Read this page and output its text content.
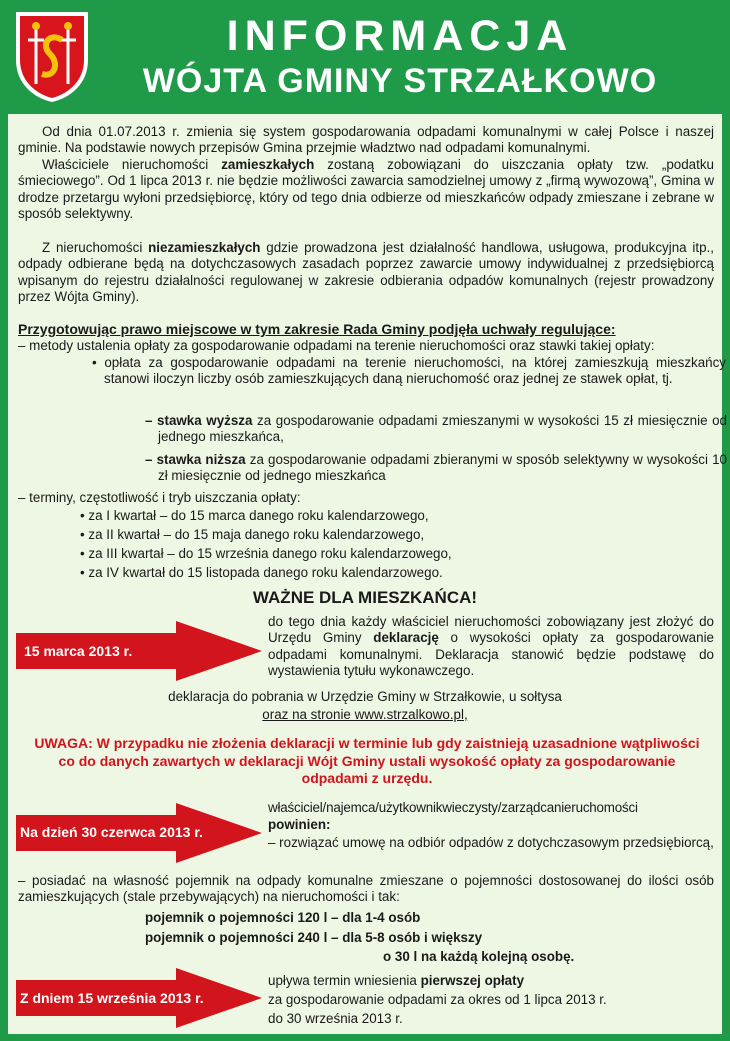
INFORMACJA
WÓJTA GMINY STRZAŁKOWO
Od dnia 01.07.2013 r. zmienia się system gospodarowania odpadami komunalnymi w całej Polsce i naszej gminie. Na podstawie nowych przepisów Gmina przejmie władztwo nad odpadami komunalnymi.
Właściciele nieruchomości zamieszkałych zostaną zobowiązani do uiszczania opłaty tzw. „podatku śmieciowego”. Od 1 lipca 2013 r. nie będzie możliwości zawarcia samodzielnej umowy z „firmą wywozową”, Gmina w drodze przetargu wyłoni przedsiębiorcę, który od tego dnia odbierze od mieszkańców odpady zmieszane i zebrane w sposób selektywny.
Z nieruchomości niezamieszkałych gdzie prowadzona jest działalność handlowa, usługowa, produkcyjna itp., odpady odbierane będą na dotychczasowych zasadach poprzez zawarcie umowy indywidualnej z przedsiębiorcą wpisanym do rejestru działalności regulowanej w zakresie odbierania odpadów komunalnych (rejestr prowadzony przez Wójta Gminy).
Przygotowując prawo miejscowe w tym zakresie Rada Gminy podjęła uchwały regulujące:
– metody ustalenia opłaty za gospodarowanie odpadami na terenie nieruchomości oraz stawki takiej opłaty:
• opłata za gospodarowanie odpadami na terenie nieruchomości, na której zamieszkują mieszkańcy stanowi iloczyn liczby osób zamieszkujących daną nieruchomość oraz jednej ze stawek opłat, tj.
– stawka wyższa za gospodarowanie odpadami zmieszanymi w wysokości 15 zł miesięcznie od jednego mieszkańca,
– stawka niższa za gospodarowanie odpadami zbieranymi w sposób selektywny w wysokości 10 zł miesięcznie od jednego mieszkańca
– terminy, częstotliwość i tryb uiszczania opłaty:
• za I kwartał – do 15 marca danego roku kalendarzowego,
• za II kwartał – do 15 maja danego roku kalendarzowego,
• za III kwartał – do 15 września danego roku kalendarzowego,
• za IV kwartał do 15 listopada danego roku kalendarzowego.
WAŻNE DLA MIESZKAŃCA!
15 marca 2013 r.
do tego dnia każdy właściciel nieruchomości zobowiązany jest złożyć do Urzędu Gminy deklarację o wysokości opłaty za gospodarowanie odpadami komunalnymi. Deklaracja stanowić będzie podstawę do wystawienia tytułu wykonawczego.
deklaracja do pobrania w Urzędzie Gminy w Strzałkowie, u sołtysa
oraz na stronie www.strzalkowo.pl,
UWAGA: W przypadku nie złożenia deklaracji w terminie lub gdy zaistnieją uzasadnione wątpliwości co do danych zawartych w deklaracji Wójt Gminy ustali wysokość opłaty za gospodarowanie odpadami z urzędu.
Na dzień 30 czerwca 2013 r.
właściciel/najemca/użytkownikwieczysty/zarządcanieruchomości
powinien:
– rozwiązać umowę na odbiór odpadów z dotychczasowym przedsiębiorcą,
– posiadać na własność pojemnik na odpady komunalne zmieszane o pojemności dostosowanej do ilości osób zamieszkujących (stale przebywających) na nieruchomości i tak:
pojemnik o pojemności 120 l – dla 1-4 osób
pojemnik o pojemności 240 l – dla 5-8 osób i większy
o 30 l na każdą kolejną osobę.
Z dniem 15 września 2013 r.
upływa termin wniesienia pierwszej opłaty
za gospodarowanie odpadami za okres od 1 lipca 2013 r.
do 30 września 2013 r.
